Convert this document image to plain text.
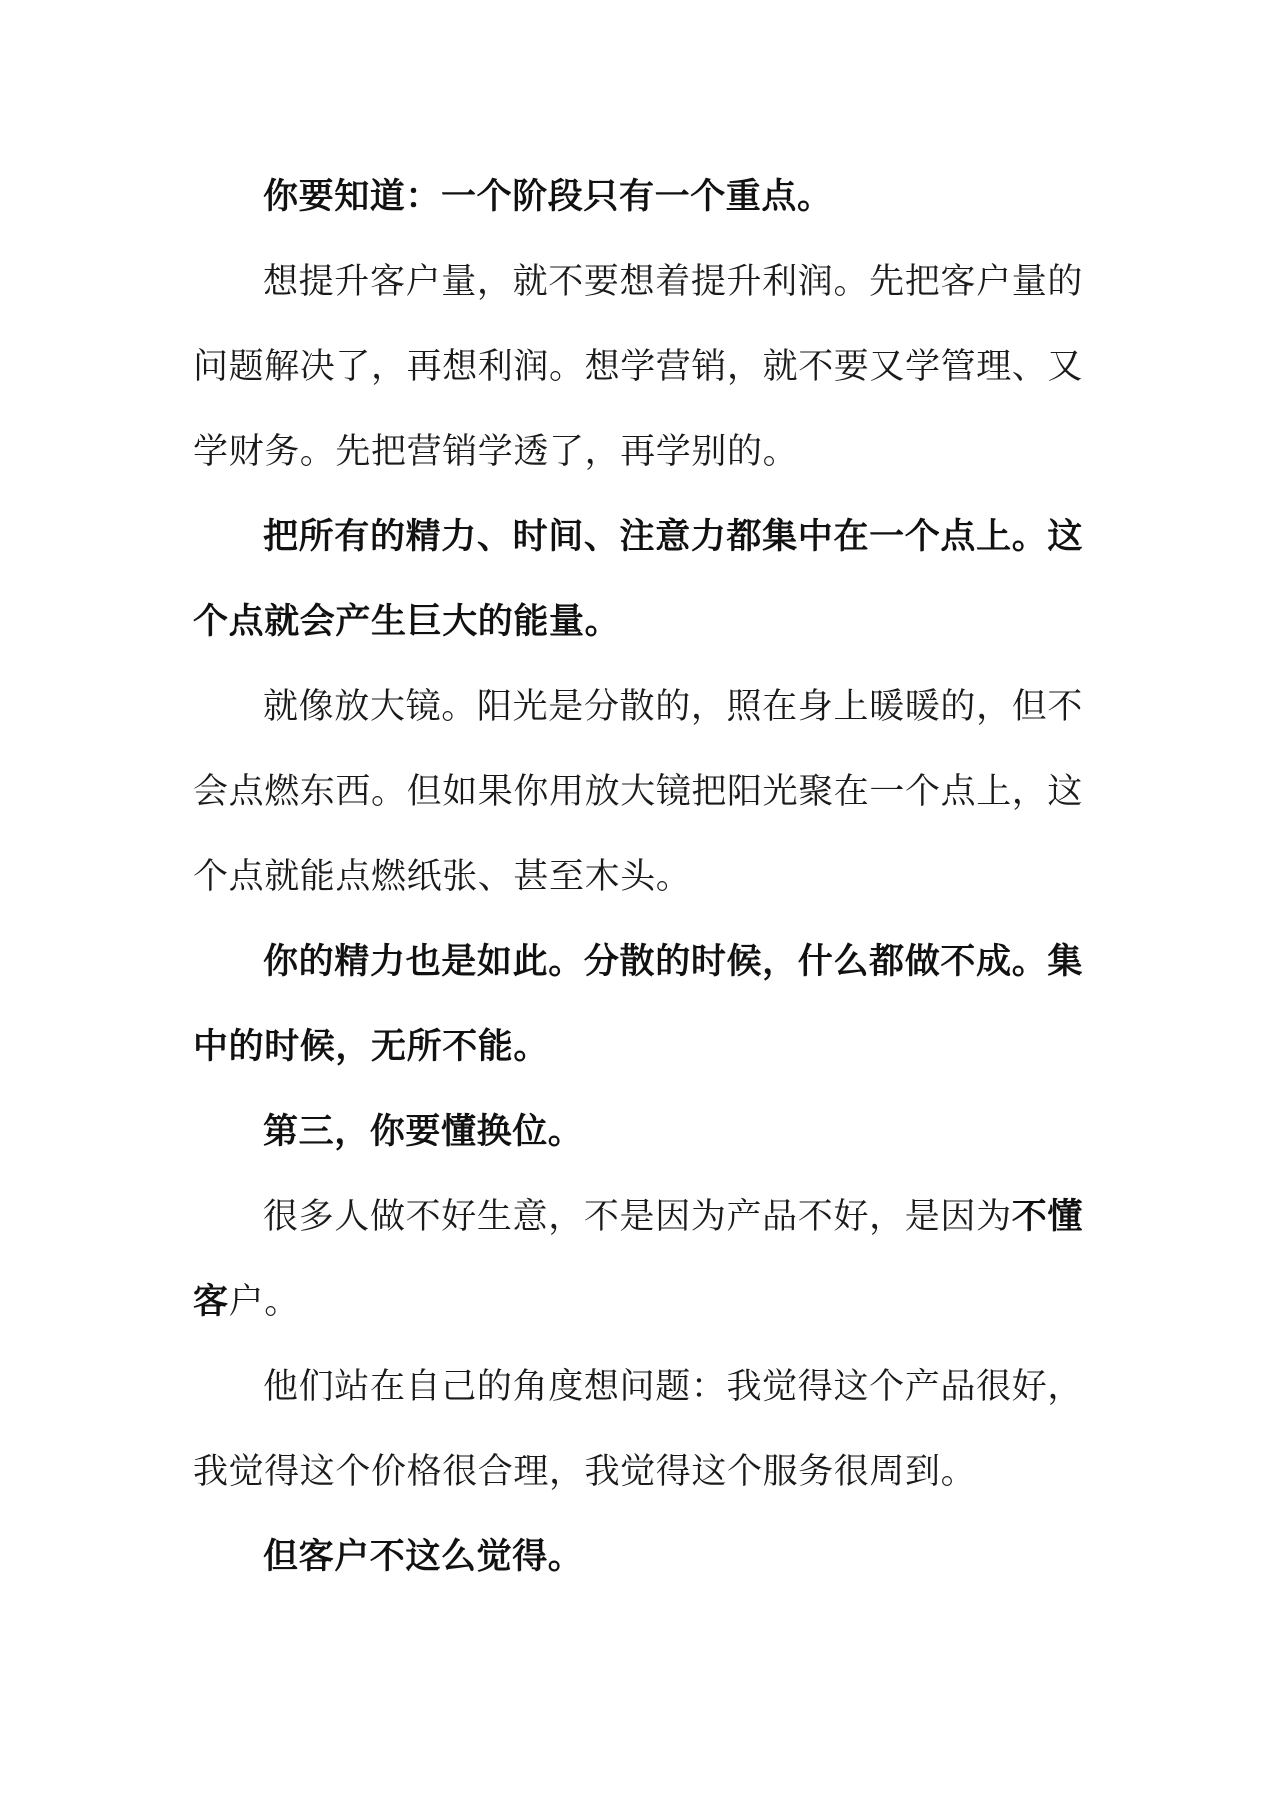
你要知道：一个阶段只有一个重点。

想提升客户量，就不要想着提升利润。先把客户量的问题解决了，再想利润。想学营销，就不要又学管理、又学财务。先把营销学透了，再学别的。

把所有的精力、时间、注意力都集中在一个点上。这个点就会产生巨大的能量。

就像放大镜。阳光是分散的，照在身上暖暖的，但不会点燃东西。但如果你用放大镜把阳光聚在一个点上，这个点就能点燃纸张、甚至木头。

你的精力也是如此。分散的时候，什么都做不成。集中的时候，无所不能。

第三，你要懂换位。

很多人做不好生意，不是因为产品不好，是因为不懂客户。

他们站在自己的角度想问题：我觉得这个产品很好，我觉得这个价格很合理，我觉得这个服务很周到。

但客户不这么觉得。
